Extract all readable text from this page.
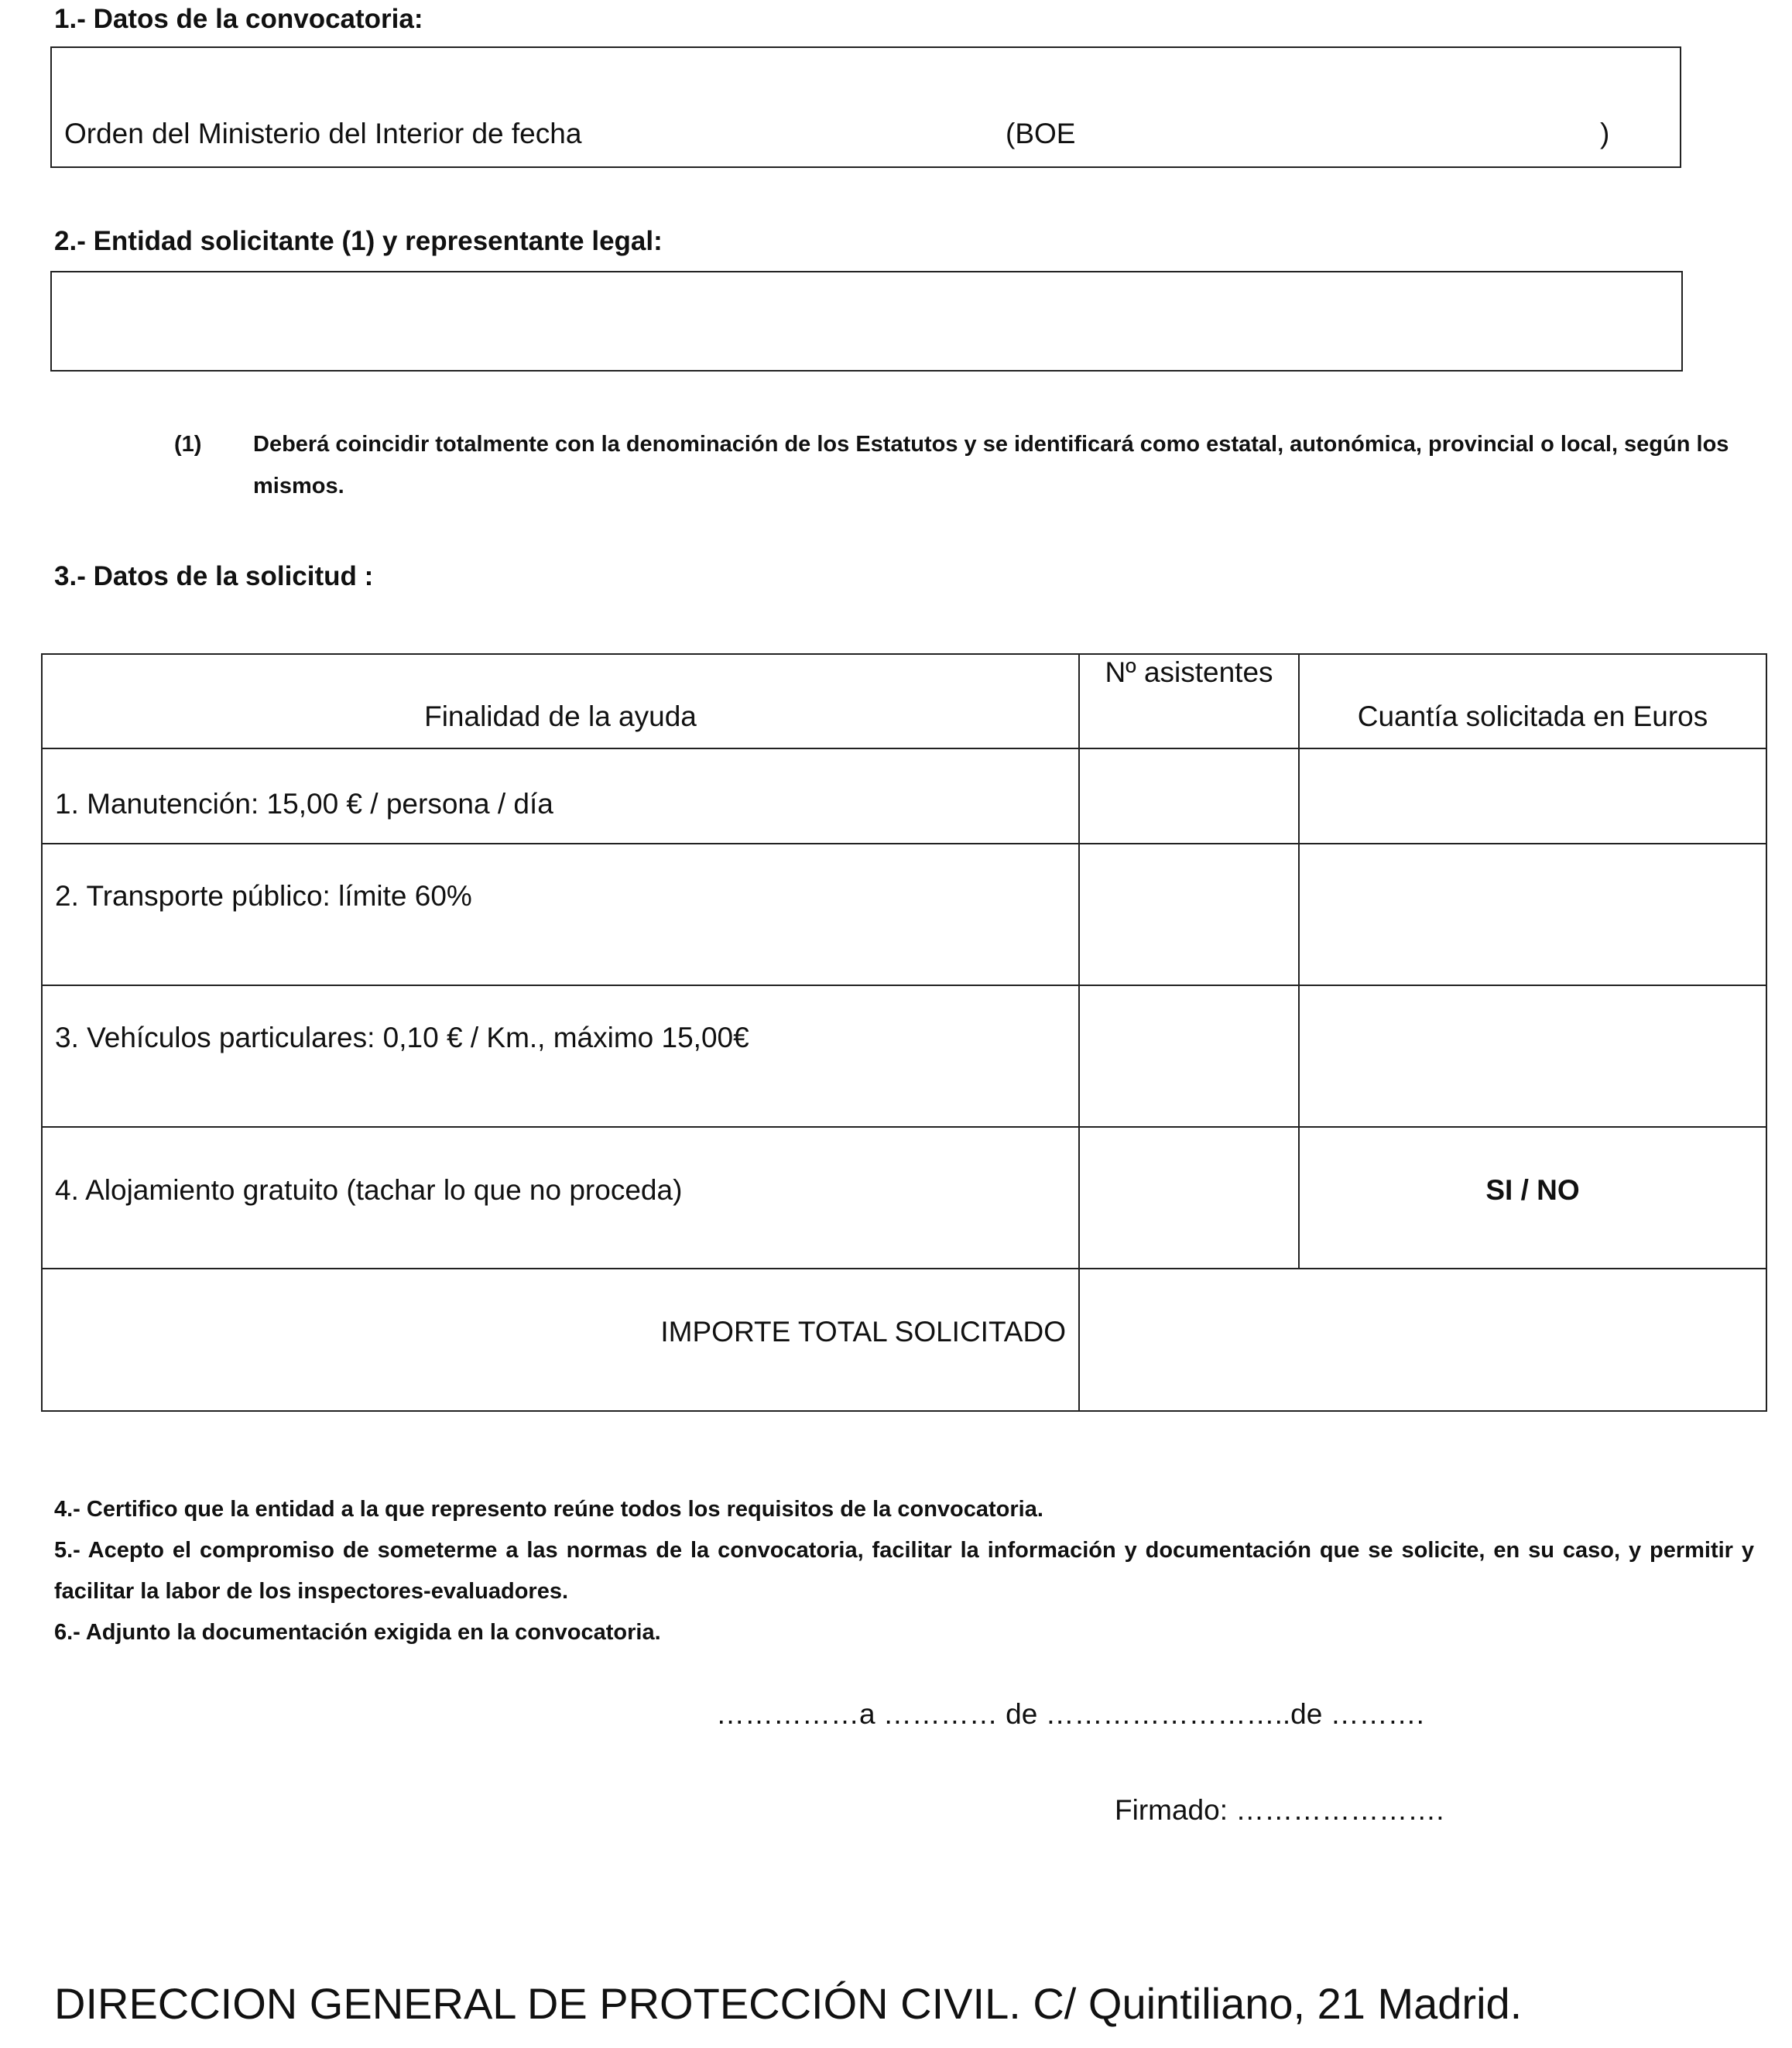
1.- Datos de la convocatoria:
Orden del Ministerio del Interior de fecha	(BOE	)
2.- Entidad solicitante (1) y representante legal:
(1) Deberá coincidir totalmente con la denominación de los Estatutos y se identificará como estatal, autonómica, provincial o local, según los mismos.
3.- Datos de la solicitud :
Finalidad de la ayuda	Nº asistentes	Cuantía solicitada en Euros
1. Manutención: 15,00 € / persona / día		
2. Transporte público: límite 60%		
3. Vehículos particulares: 0,10 € / Km., máximo 15,00€		
4. Alojamiento gratuito (tachar lo que no proceda)		SI / NO
IMPORTE TOTAL SOLICITADO		
4.- Certifico que la entidad a la que represento reúne todos los requisitos de la convocatoria.
5.- Acepto el compromiso de someterme a las normas de la convocatoria, facilitar la información y documentación que se solicite, en su caso, y permitir y facilitar la labor de los inspectores-evaluadores.
6.- Adjunto la documentación exigida en la convocatoria.
……………a ………… de ……………………..de ……….
Firmado: ………………….
DIRECCION GENERAL DE PROTECCIÓN CIVIL. C/ Quintiliano, 21 Madrid.
